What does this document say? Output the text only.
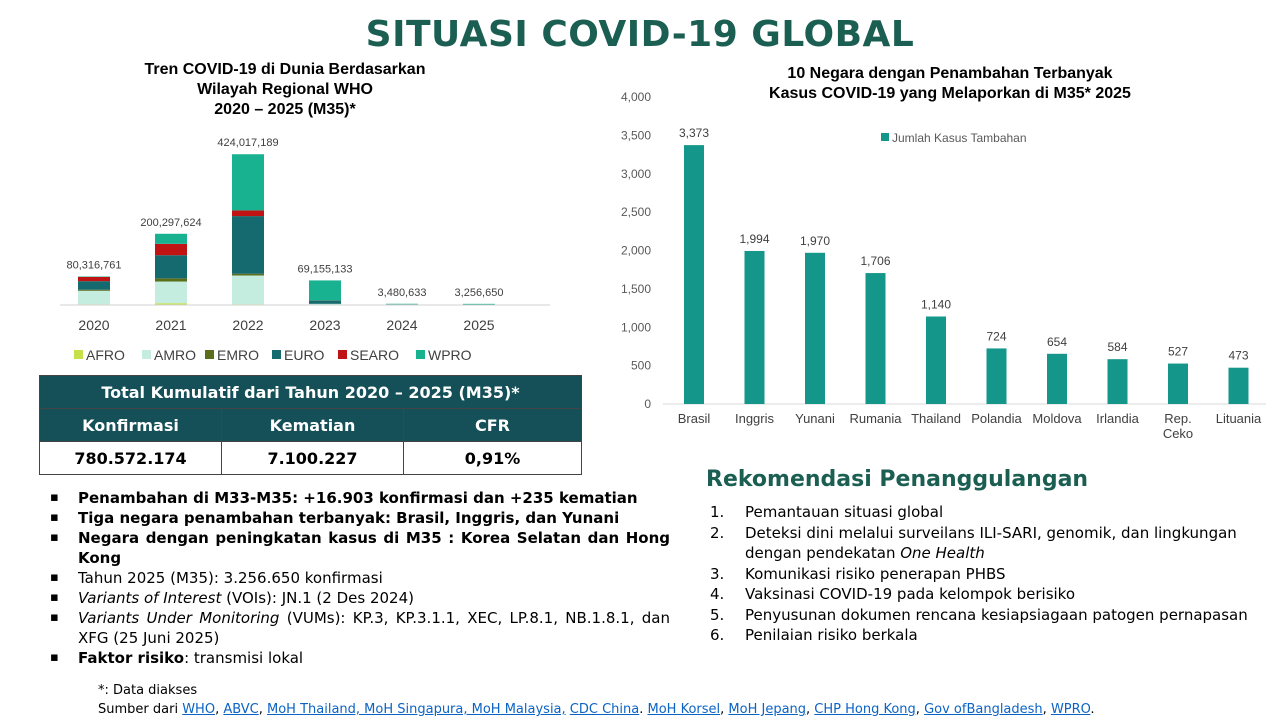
SITUASI COVID-19 GLOBAL
Tren COVID-19 di Dunia Berdasarkan
Wilayah Regional WHO
2020 – 2025 (M35)*
80,316,761
2020
200,297,624
2021
424,017,189
2022
69,155,133
2023
3,480,633
2024
3,256,650
2025
AFRO AMRO EMRO EURO SEARO WPRO
10 Negara dengan Penambahan Terbanyak
Kasus COVID-19 yang Melaporkan di M35* 2025
0
500
1,000
1,500
2,000
2,500
3,000
3,500
4,000
3,373
Brasil
1,994
Inggris
1,970
Yunani
1,706
Rumania
1,140
Thailand
724
Polandia
654
Moldova
584
Irlandia
527
Rep.
Ceko
473
Lituania
Jumlah Kasus Tambahan
Total Kumulatif dari Tahun 2020 – 2025 (M35)*		
Konfirmasi	Kematian	CFR
780.572.174	7.100.227	0,91%
▪ Penambahan di M33-M35: +16.903 konfirmasi dan +235 kematian
▪ Tiga negara penambahan terbanyak: Brasil, Inggris, dan Yunani
▪ Negara dengan peningkatan kasus di M35 : Korea Selatan dan Hong Kong
▪ Tahun 2025 (M35): 3.256.650 konfirmasi
▪ Variants of Interest (VOIs): JN.1 (2 Des 2024)
▪ Variants Under Monitoring (VUMs): KP.3, KP.3.1.1, XEC, LP.8.1, NB.1.8.1, dan XFG (25 Juni 2025)
▪ Faktor risiko: transmisi lokal
*: Data diakses
Sumber dari WHO, ABVC, MoH Thailand, MoH Singapura, MoH Malaysia, CDC China. MoH Korsel, MoH Jepang, CHP Hong Kong, Gov ofBangladesh, WPRO.
Rekomendasi Penanggulangan
1. Pemantauan situasi global
2. Deteksi dini melalui surveilans ILI-SARI, genomik, dan lingkungan dengan pendekatan One Health
3. Komunikasi risiko penerapan PHBS
4. Vaksinasi COVID-19 pada kelompok berisiko
5. Penyusunan dokumen rencana kesiapsiagaan patogen pernapasan
6. Penilaian risiko berkala
